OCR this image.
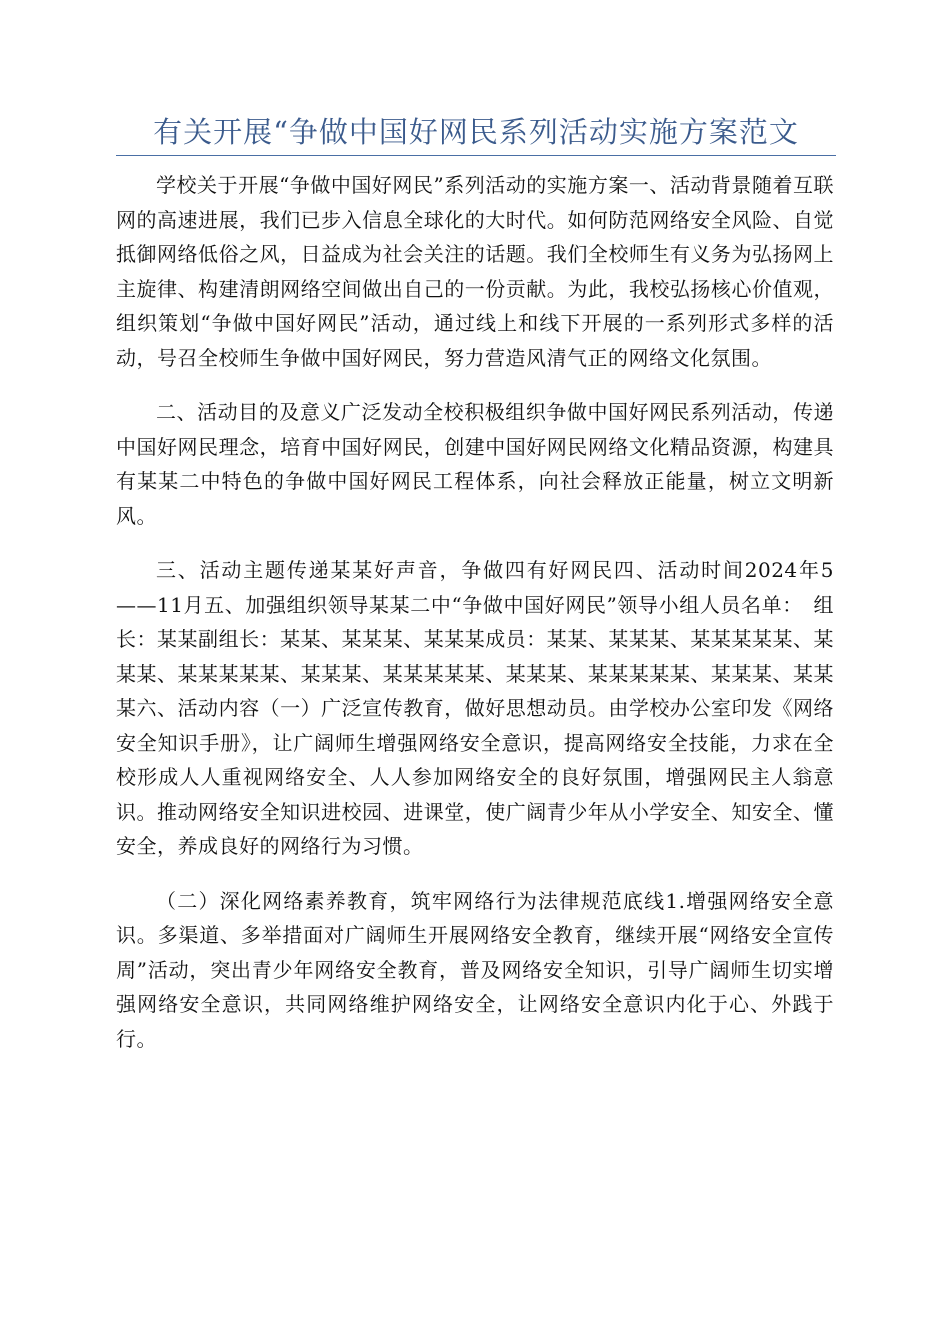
有关开展“争做中国好网民系列活动实施方案范文

学校关于开展“争做中国好网民”系列活动的实施方案一、活动背景随着互联网的高速进展，我们已步入信息全球化的大时代。如何防范网络安全风险、自觉抵御网络低俗之风，日益成为社会关注的话题。我们全校师生有义务为弘扬网上主旋律、构建清朗网络空间做出自己的一份贡献。为此，我校弘扬核心价值观，组织策划“争做中国好网民”活动，通过线上和线下开展的一系列形式多样的活动，号召全校师生争做中国好网民，努力营造风清气正的网络文化氛围。

二、活动目的及意义广泛发动全校积极组织争做中国好网民系列活动，传递中国好网民理念，培育中国好网民，创建中国好网民网络文化精品资源，构建具有某某二中特色的争做中国好网民工程体系，向社会释放正能量，树立文明新风。

三、活动主题传递某某好声音，争做四有好网民四、活动时间2024年5——11月五、加强组织领导某某二中“争做中国好网民”领导小组人员名单：　组长：某某副组长：某某、某某某、某某某成员：某某、某某某、某某某某某、某某某、某某某某某、某某某、某某某某某、某某某、某某某某某、某某某、某某某六、活动内容（一）广泛宣传教育，做好思想动员。由学校办公室印发《网络安全知识手册》，让广阔师生增强网络安全意识，提高网络安全技能，力求在全校形成人人重视网络安全、人人参加网络安全的良好氛围，增强网民主人翁意识。推动网络安全知识进校园、进课堂，使广阔青少年从小学安全、知安全、懂安全，养成良好的网络行为习惯。

（二）深化网络素养教育，筑牢网络行为法律规范底线1.增强网络安全意识。多渠道、多举措面对广阔师生开展网络安全教育，继续开展“网络安全宣传周”活动，突出青少年网络安全教育，普及网络安全知识，引导广阔师生切实增强网络安全意识，共同网络维护网络安全，让网络安全意识内化于心、外践于行。
